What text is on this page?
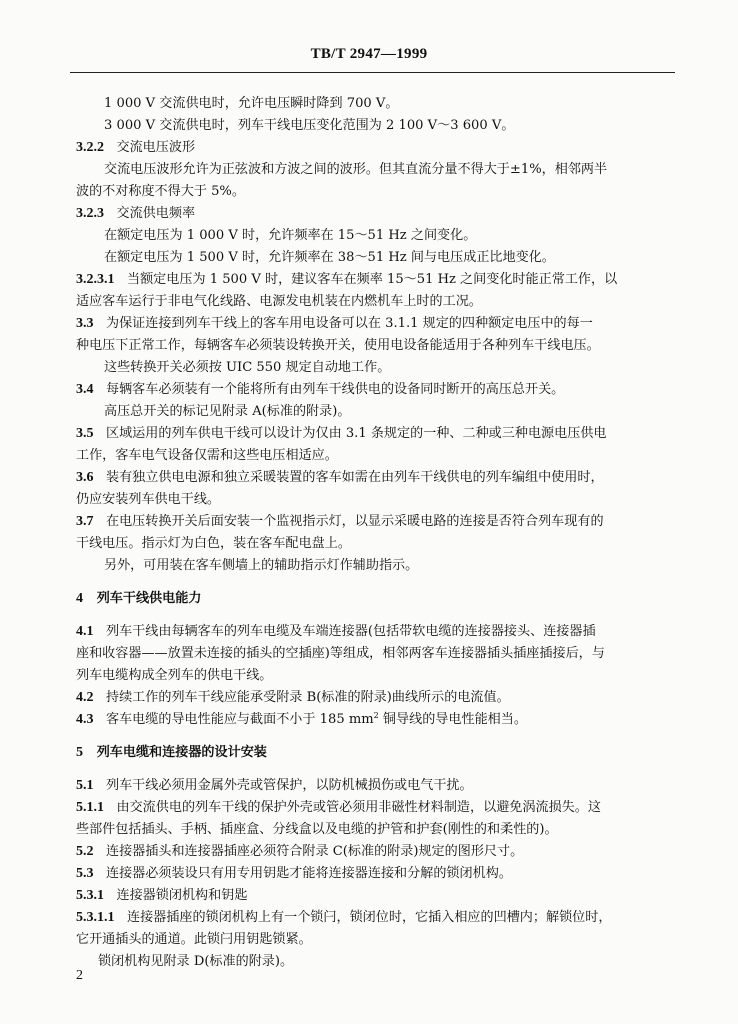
TB/T 2947—1999
1 000 V 交流供电时，允许电压瞬时降到 700 V。
3 000 V 交流供电时，列车干线电压变化范围为 2 100 V～3 600 V。
3.2.2 交流电压波形
交流电压波形允许为正弦波和方波之间的波形。但其直流分量不得大于±1%，相邻两半
波的不对称度不得大于 5%。
3.2.3 交流供电频率
在额定电压为 1 000 V 时，允许频率在 15～51 Hz 之间变化。
在额定电压为 1 500 V 时，允许频率在 38～51 Hz 间与电压成正比地变化。
3.2.3.1 当额定电压为 1 500 V 时，建议客车在频率 15～51 Hz 之间变化时能正常工作，以
适应客车运行于非电气化线路、电源发电机装在内燃机车上时的工况。
3.3 为保证连接到列车干线上的客车用电设备可以在 3.1.1 规定的四种额定电压中的每一
种电压下正常工作，每辆客车必须装设转换开关，使用电设备能适用于各种列车干线电压。
这些转换开关必须按 UIC 550 规定自动地工作。
3.4 每辆客车必须装有一个能将所有由列车干线供电的设备同时断开的高压总开关。
高压总开关的标记见附录 A(标准的附录)。
3.5 区域运用的列车供电干线可以设计为仅由 3.1 条规定的一种、二种或三种电源电压供电
工作，客车电气设备仅需和这些电压相适应。
3.6 装有独立供电电源和独立采暖装置的客车如需在由列车干线供电的列车编组中使用时，
仍应安装列车供电干线。
3.7 在电压转换开关后面安装一个监视指示灯，以显示采暖电路的连接是否符合列车现有的
干线电压。指示灯为白色，装在客车配电盘上。
另外，可用装在客车侧墙上的辅助指示灯作辅助指示。
4 列车干线供电能力
4.1 列车干线由每辆客车的列车电缆及车端连接器(包括带软电缆的连接器接头、连接器插
座和收容器——放置未连接的插头的空插座)等组成，相邻两客车连接器插头插座插接后，与
列车电缆构成全列车的供电干线。
4.2 持续工作的列车干线应能承受附录 B(标准的附录)曲线所示的电流值。
4.3 客车电缆的导电性能应与截面不小于 185 $mm^2$ 铜导线的导电性能相当。
5 列车电缆和连接器的设计安装
5.1 列车干线必须用金属外壳或管保护，以防机械损伤或电气干扰。
5.1.1 由交流供电的列车干线的保护外壳或管必须用非磁性材料制造，以避免涡流损失。这
些部件包括插头、手柄、插座盒、分线盒以及电缆的护管和护套(刚性的和柔性的)。
5.2 连接器插头和连接器插座必须符合附录 C(标准的附录)规定的图形尺寸。
5.3 连接器必须装设只有用专用钥匙才能将连接器连接和分解的锁闭机构。
5.3.1 连接器锁闭机构和钥匙
5.3.1.1 连接器插座的锁闭机构上有一个锁闩，锁闭位时，它插入相应的凹槽内；解锁位时，
它开通插头的通道。此锁闩用钥匙锁紧。
锁闭机构见附录 D(标准的附录)。
2
